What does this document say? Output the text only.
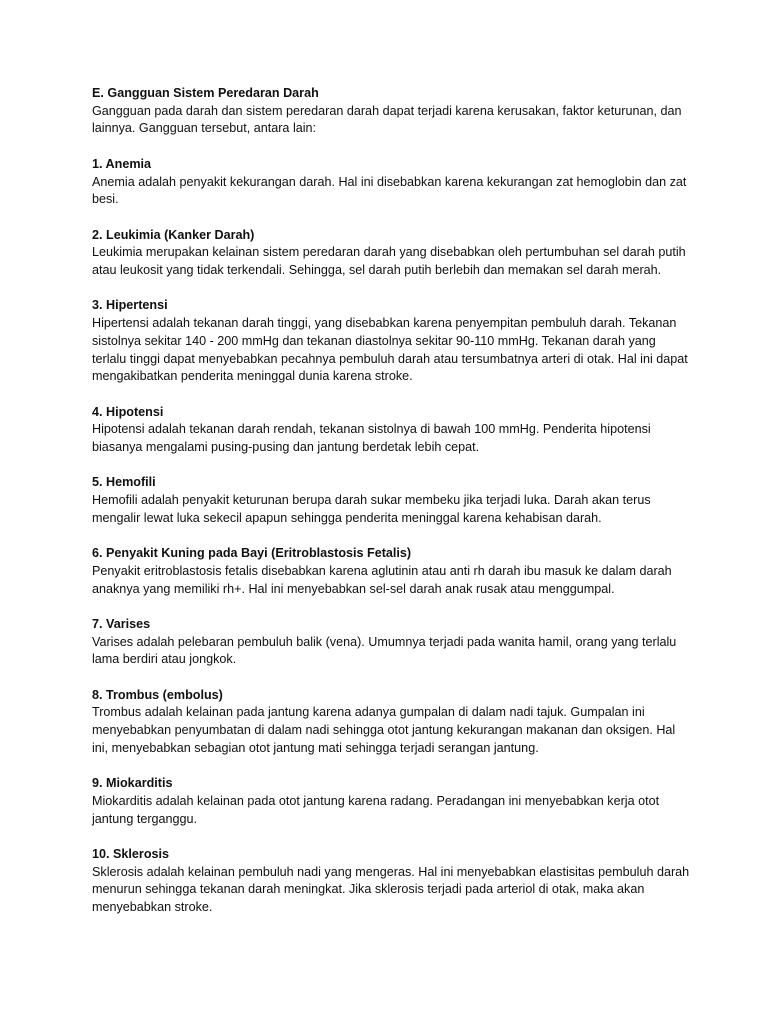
E. Gangguan Sistem Peredaran Darah

Gangguan pada darah dan sistem peredaran darah dapat terjadi karena kerusakan, faktor keturunan, dan lainnya. Gangguan tersebut, antara lain:

1. Anemia

Anemia adalah penyakit kekurangan darah. Hal ini disebabkan karena kekurangan zat hemoglobin dan zat besi.

2. Leukimia (Kanker Darah)

Leukimia merupakan kelainan sistem peredaran darah yang disebabkan oleh pertumbuhan sel darah putih atau leukosit yang tidak terkendali. Sehingga, sel darah putih berlebih dan memakan sel darah merah.

3. Hipertensi

Hipertensi adalah tekanan darah tinggi, yang disebabkan karena penyempitan pembuluh darah. Tekanan sistolnya sekitar 140 - 200 mmHg dan tekanan diastolnya sekitar 90-110 mmHg. Tekanan darah yang terlalu tinggi dapat menyebabkan pecahnya pembuluh darah atau tersumbatnya arteri di otak. Hal ini dapat mengakibatkan penderita meninggal dunia karena stroke.

4. Hipotensi

Hipotensi adalah tekanan darah rendah, tekanan sistolnya di bawah 100 mmHg. Penderita hipotensi biasanya mengalami pusing-pusing dan jantung berdetak lebih cepat.

5. Hemofili

Hemofili adalah penyakit keturunan berupa darah sukar membeku jika terjadi luka. Darah akan terus mengalir lewat luka sekecil apapun sehingga penderita meninggal karena kehabisan darah.

6. Penyakit Kuning pada Bayi (Eritroblastosis Fetalis)

Penyakit eritroblastosis fetalis disebabkan karena aglutinin atau anti rh darah ibu masuk ke dalam darah anaknya yang memiliki rh+. Hal ini menyebabkan sel-sel darah anak rusak atau menggumpal.

7. Varises

Varises adalah pelebaran pembuluh balik (vena). Umumnya terjadi pada wanita hamil, orang yang terlalu lama berdiri atau jongkok.

8. Trombus (embolus)

Trombus adalah kelainan pada jantung karena adanya gumpalan di dalam nadi tajuk. Gumpalan ini menyebabkan penyumbatan di dalam nadi sehingga otot jantung kekurangan makanan dan oksigen. Hal ini, menyebabkan sebagian otot jantung mati sehingga terjadi serangan jantung.

9. Miokarditis

Miokarditis adalah kelainan pada otot jantung karena radang. Peradangan ini menyebabkan kerja otot jantung terganggu.

10. Sklerosis

Sklerosis adalah kelainan pembuluh nadi yang mengeras. Hal ini menyebabkan elastisitas pembuluh darah menurun sehingga tekanan darah meningkat. Jika sklerosis terjadi pada arteriol di otak, maka akan menyebabkan stroke.
